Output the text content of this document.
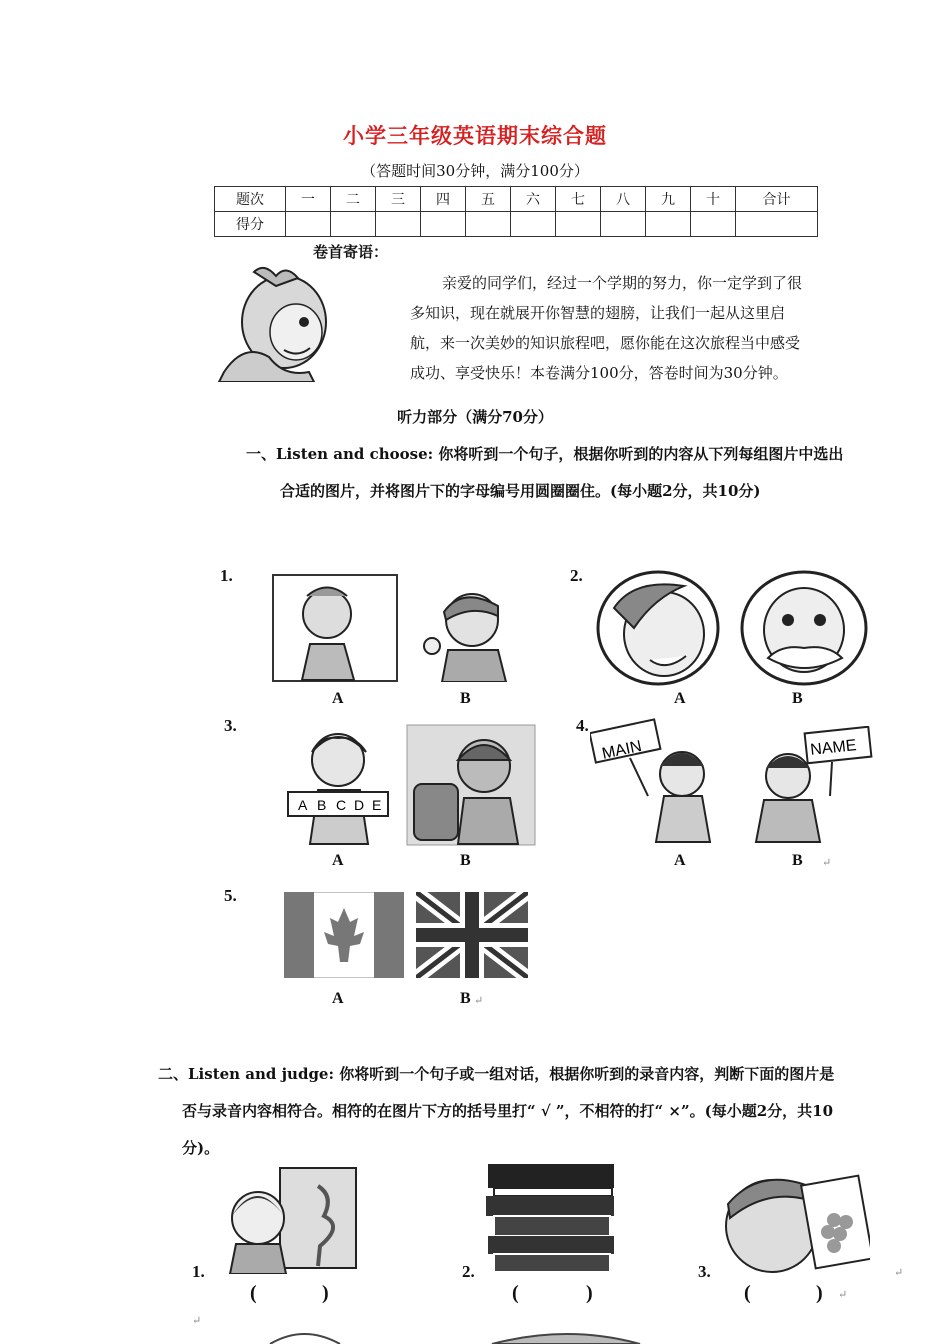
小学三年级英语期末综合题
（答题时间30分钟，满分100分）
题次	一	二	三	四	五	六	七	八	九	十	合计
得分											
卷首寄语：
亲爱的同学们，经过一个学期的努力，你一定学到了很多知识，现在就展开你智慧的翅膀，让我们一起从这里启航，来一次美妙的知识旅程吧，愿你能在这次旅程当中感受成功、享受快乐！本卷满分100分，答卷时间为30分钟。
听力部分（满分70分）
一、Listen and choose: 你将听到一个句子，根据你听到的内容从下列每组图片中选出合适的图片，并将图片下的字母编号用圆圈圈住。(每小题2分，共10分)
1.
A	B
2.
A	B
3.
A B C D E
A	B
4.
MAIN	NAME
A	B ↵
5.
A	B ↵
二、Listen and judge: 你将听到一个句子或一组对话，根据你听到的录音内容，判断下面的图片是否与录音内容相符合。相符的在图片下方的括号里打“ √ ”，不相符的打“ ×”。(每小题2分，共10分)。
1.
(	)
2.
(	)
3.
(	) ↵
↵
↵
